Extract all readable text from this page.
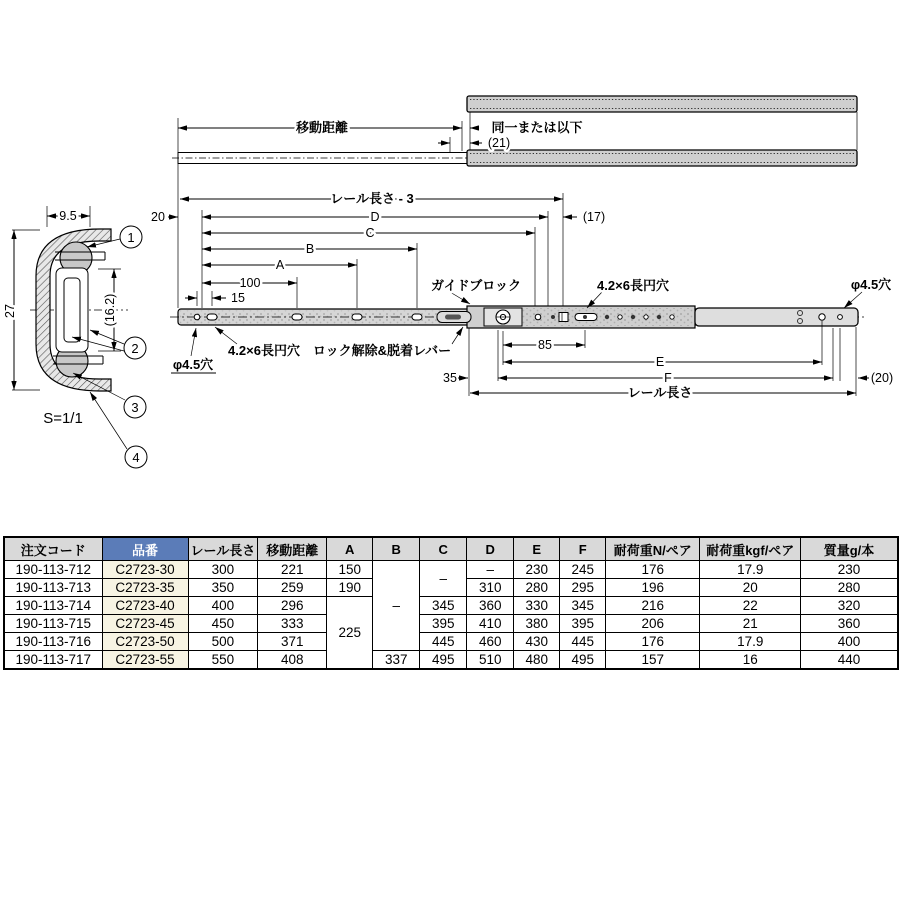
9.5
27	(16.2)
1
2
3
4
S=1/1
移動距離	同一または以下
(21)
レール長さ - 3
20	D	(17)
C
B
A
100
15
ガイドブロック	4.2×6長円穴	φ4.5穴
4.2×6長円穴 ロック解除&脱着レバー
φ4.5穴
85
E
35	F	(20)
レール長さ
注文コード	品番	レール長さ	移動距離	A	B	C	D	E	F	耐荷重N/ペア	耐荷重kgf/ペア	質量g/本
190-113-712	C2723-30	300	221	150	–	–	–	230	245	176	17.9	230
190-113-713	C2723-35	350	259	190			310	280	295	196	20	280
190-113-714	C2723-40	400	296	225		345	360	330	345	216	22	320
190-113-715	C2723-45	450	333			395	410	380	395	206	21	360
190-113-716	C2723-50	500	371			445	460	430	445	176	17.9	400
190-113-717	C2723-55	550	408		337	495	510	480	495	157	16	440
